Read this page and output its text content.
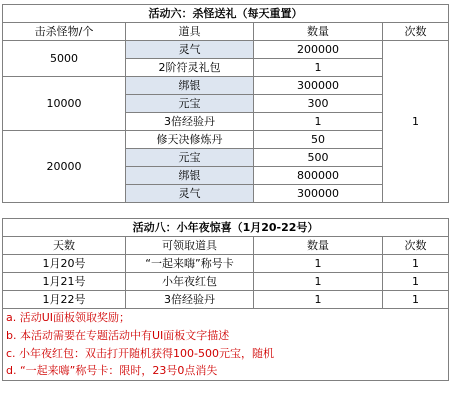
活动六：杀怪送礼（每天重置）			
击杀怪物/个	道具	数量	次数
5000	灵气	200000	1
	2阶符灵礼包	1	
10000	绑银	300000	
	元宝	300	
	3倍经验丹	1	
20000	修天决修炼丹	50	
	元宝	500	
	绑银	800000	
	灵气	300000	
活动八：小年夜惊喜（1月20-22号）			
天数	可领取道具	数量	次数
1月20号	“一起来嗨”称号卡	1	1
1月21号	小年夜红包	1	1
1月22号	3倍经验丹	1	1
a. 活动UI面板领取奖励；			
b. 本活动需要在专题活动中有UI面板文字描述			
c. 小年夜红包：双击打开随机获得100-500元宝，随机			
d. “一起来嗨”称号卡：限时，23号0点消失			
